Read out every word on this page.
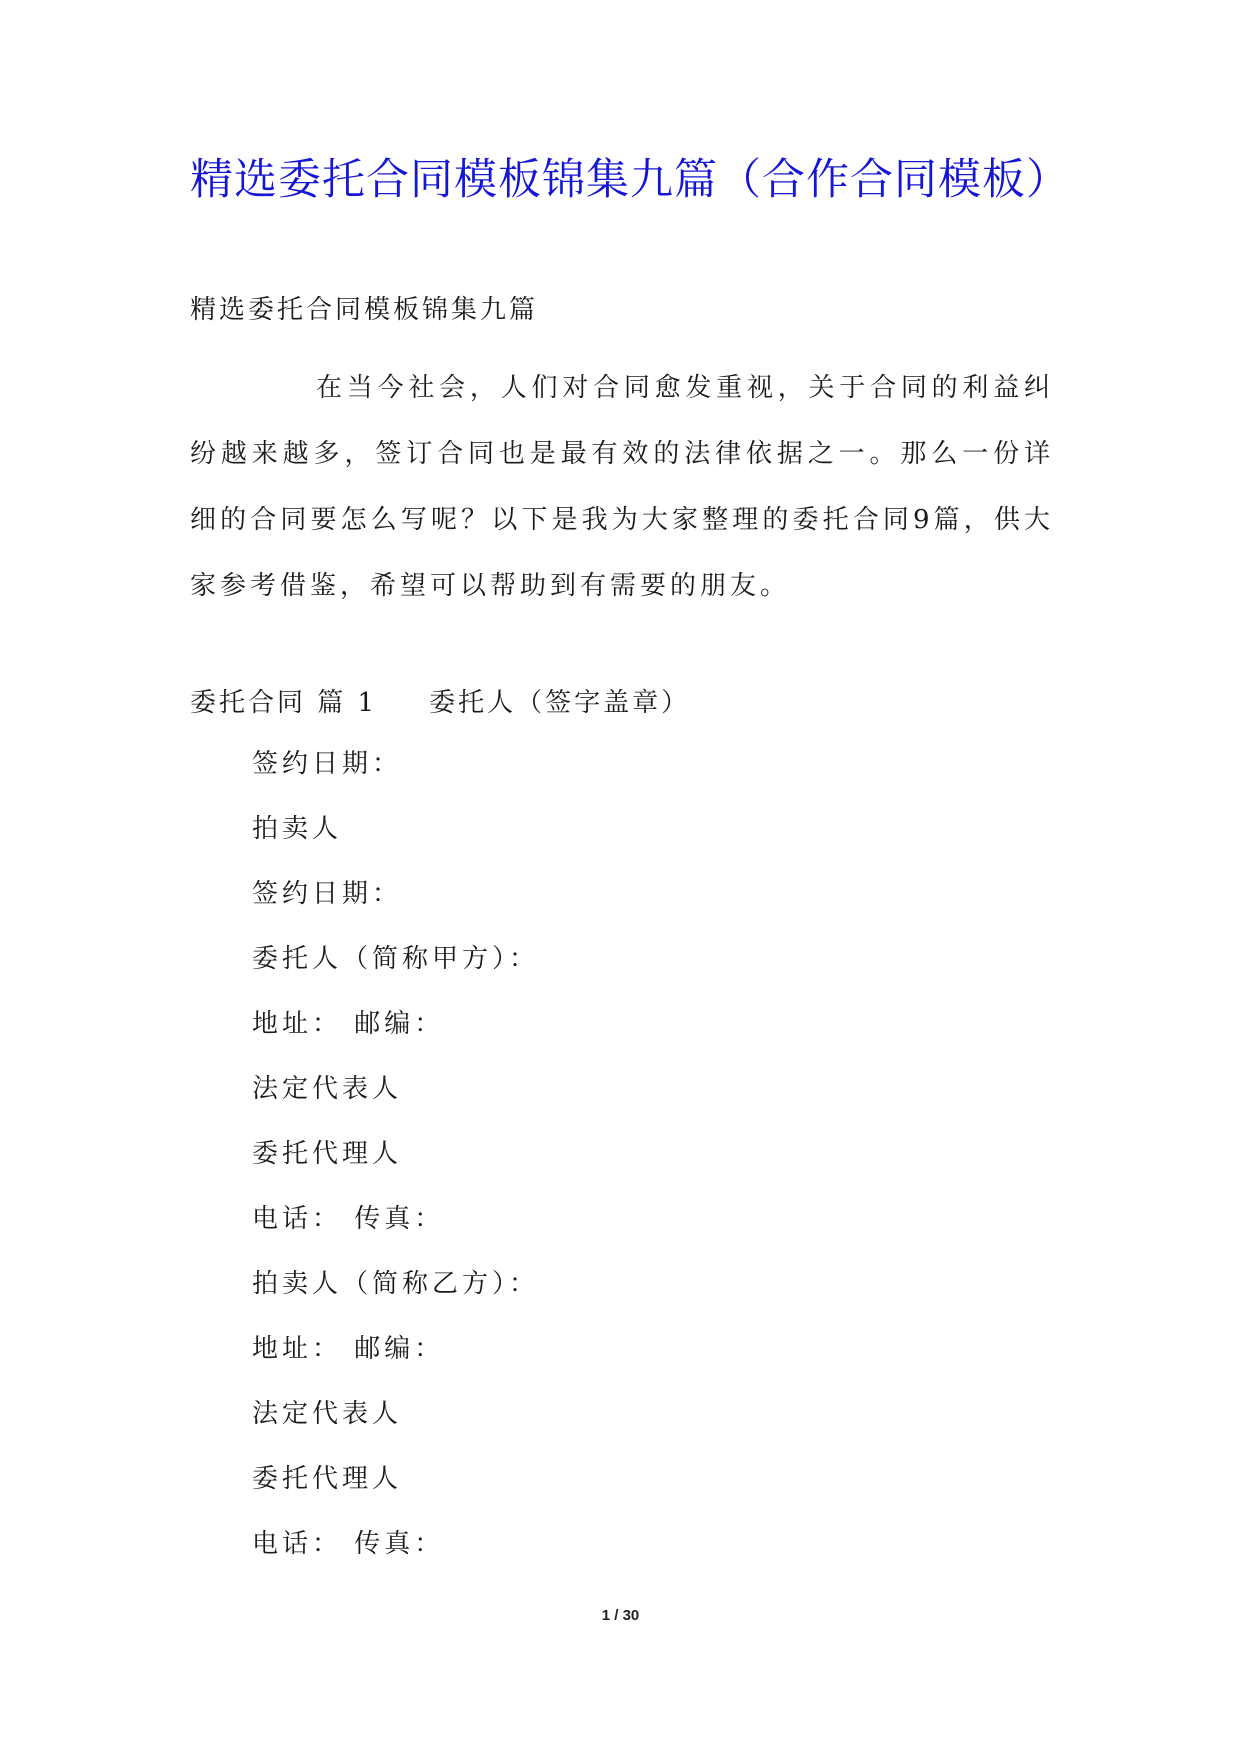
精选委托合同模板锦集九篇（合作合同模板）
精选委托合同模板锦集九篇
在当今社会，人们对合同愈发重视，关于合同的利益纠纷越来越多，签订合同也是最有效的法律依据之一。那么一份详细的合同要怎么写呢？以下是我为大家整理的委托合同9篇，供大家参考借鉴，希望可以帮助到有需要的朋友。
委托合同 篇 1 委托人（签字盖章）
签约日期：
拍卖人
签约日期：
委托人（简称甲方）：
地址： 邮编：
法定代表人
委托代理人
电话： 传真：
拍卖人（简称乙方）：
地址： 邮编：
法定代表人
委托代理人
电话： 传真：
1 / 30
